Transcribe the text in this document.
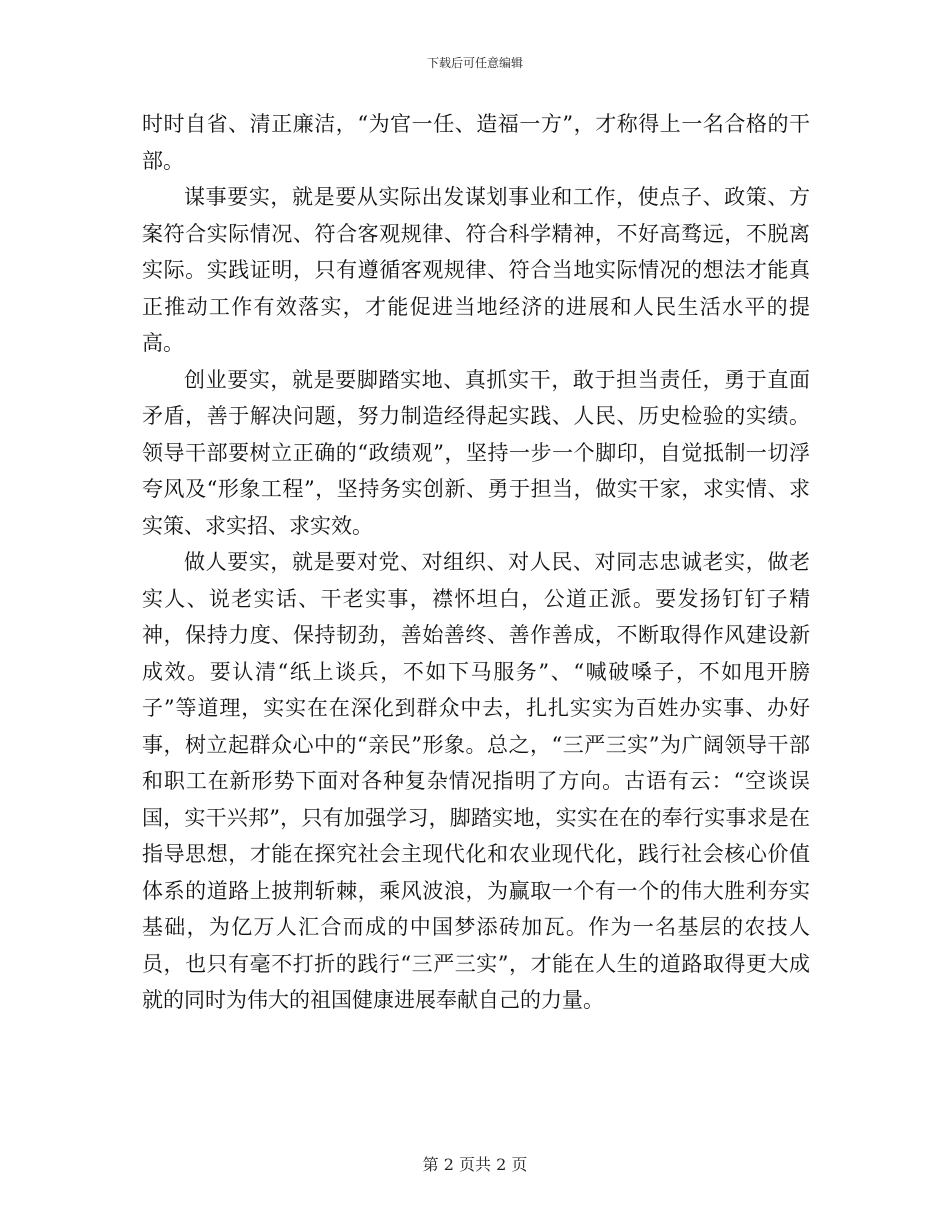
下载后可任意编辑

时时自省、清正廉洁，“为官一任、造福一方”，才称得上一名合格的干部。

谋事要实，就是要从实际出发谋划事业和工作，使点子、政策、方案符合实际情况、符合客观规律、符合科学精神，不好高骛远，不脱离实际。实践证明，只有遵循客观规律、符合当地实际情况的想法才能真正推动工作有效落实，才能促进当地经济的进展和人民生活水平的提高。

创业要实，就是要脚踏实地、真抓实干，敢于担当责任，勇于直面矛盾，善于解决问题，努力制造经得起实践、人民、历史检验的实绩。领导干部要树立正确的“政绩观”，坚持一步一个脚印，自觉抵制一切浮夸风及“形象工程”，坚持务实创新、勇于担当，做实干家，求实情、求实策、求实招、求实效。

做人要实，就是要对党、对组织、对人民、对同志忠诚老实，做老实人、说老实话、干老实事，襟怀坦白，公道正派。要发扬钉钉子精神，保持力度、保持韧劲，善始善终、善作善成，不断取得作风建设新成效。要认清“纸上谈兵，不如下马服务”、“喊破嗓子，不如甩开膀子”等道理，实实在在深化到群众中去，扎扎实实为百姓办实事、办好事，树立起群众心中的“亲民”形象。总之，“三严三实”为广阔领导干部和职工在新形势下面对各种复杂情况指明了方向。古语有云：“空谈误国，实干兴邦”，只有加强学习，脚踏实地，实实在在的奉行实事求是在指导思想，才能在探究社会主现代化和农业现代化，践行社会核心价值体系的道路上披荆斩棘，乘风波浪，为赢取一个有一个的伟大胜利夯实基础，为亿万人汇合而成的中国梦添砖加瓦。作为一名基层的农技人员，也只有毫不打折的践行“三严三实”，才能在人生的道路取得更大成就的同时为伟大的祖国健康进展奉献自己的力量。

第 2 页共 2 页
